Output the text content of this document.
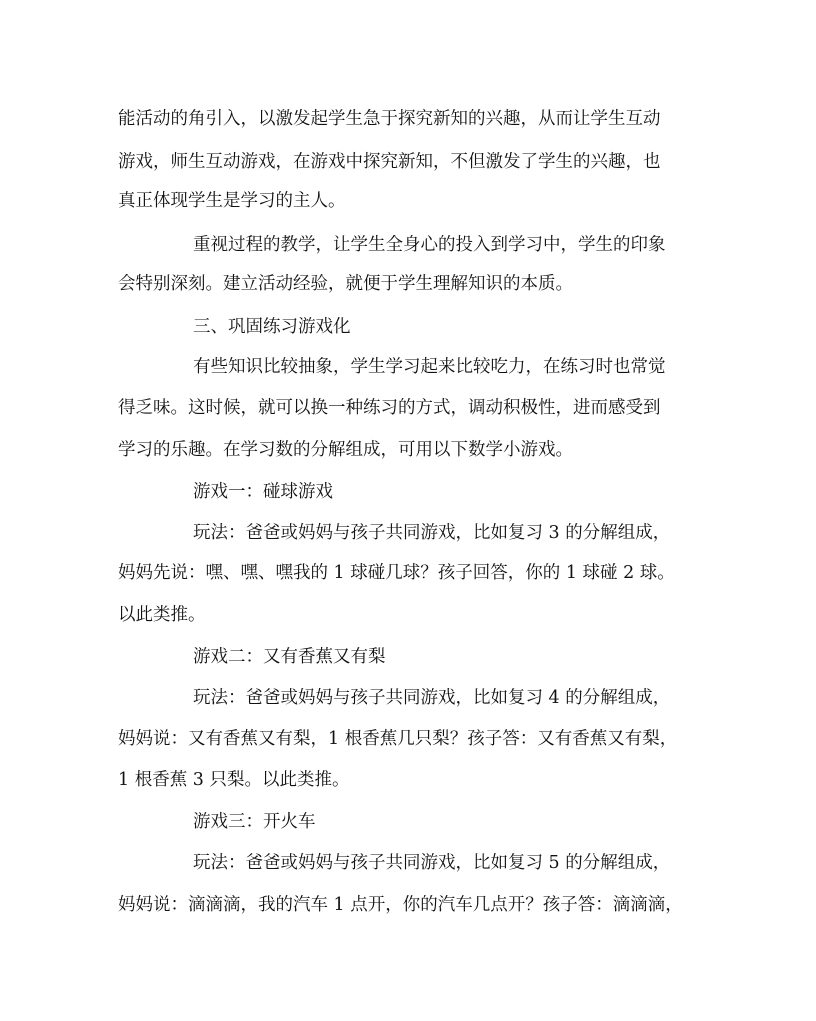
能活动的角引入，以激发起学生急于探究新知的兴趣，从而让学生互动
游戏，师生互动游戏，在游戏中探究新知，不但激发了学生的兴趣，也
真正体现学生是学习的主人。
重视过程的教学，让学生全身心的投入到学习中，学生的印象
会特别深刻。建立活动经验，就便于学生理解知识的本质。
三、巩固练习游戏化
有些知识比较抽象，学生学习起来比较吃力，在练习时也常觉
得乏味。这时候，就可以换一种练习的方式，调动积极性，进而感受到
学习的乐趣。在学习数的分解组成，可用以下数学小游戏。
游戏一：碰球游戏
玩法：爸爸或妈妈与孩子共同游戏，比如复习 3 的分解组成，
妈妈先说：嘿、嘿、嘿我的 1 球碰几球？孩子回答，你的 1 球碰 2 球。
以此类推。
游戏二：又有香蕉又有梨
玩法：爸爸或妈妈与孩子共同游戏，比如复习 4 的分解组成，
妈妈说：又有香蕉又有梨，1 根香蕉几只梨？孩子答：又有香蕉又有梨，
1 根香蕉 3 只梨。以此类推。
游戏三：开火车
玩法：爸爸或妈妈与孩子共同游戏，比如复习 5 的分解组成，
妈妈说：滴滴滴，我的汽车 1 点开，你的汽车几点开？孩子答：滴滴滴，
